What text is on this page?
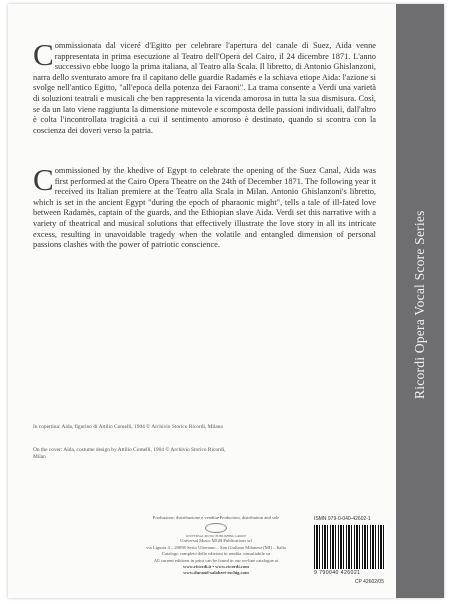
Commissionata dal viceré d'Egitto per celebrare l'apertura del canale di Suez, Aida venne rappresentata in prima esecuzione al Teatro dell'Opera del Cairo, il 24 dicembre 1871. L'anno successivo ebbe luogo la prima italiana, al Teatro alla Scala. Il libretto, di Antonio Ghislanzoni, narra dello sventurato amore fra il capitano delle guardie Radamès e la schiava etiope Aida: l'azione si svolge nell'antico Egitto, "all'epoca della potenza dei Faraoni". La trama consente a Verdi una varietà di soluzioni teatrali e musicali che ben rappresenta la vicenda amorosa in tutta la sua dismisura. Così, se da un lato viene raggiunta la dimensione mutevole e scomposta delle passioni individuali, dall'altro è colta l'incontrollata tragicità a cui il sentimento amoroso è destinato, quando si scontra con la coscienza dei doveri verso la patria.
Commissioned by the khedive of Egypt to celebrate the opening of the Suez Canal, Aida was first performed at the Cairo Opera Theatre on the 24th of December 1871. The following year it received its Italian premiere at the Teatro alla Scala in Milan. Antonio Ghislanzoni's libretto, which is set in the ancient Egypt "during the epoch of pharaonic might", tells a tale of ill-fated love between Radamès, captain of the guards, and the Ethiopian slave Aida. Verdi set this narrative with a variety of theatrical and musical solutions that effectively illustrate the love story in all its intricate excess, resulting in unavoidable tragedy when the volatile and entangled dimension of personal passions clashes with the power of patriotic conscience.
In copertina: Aida, figurino di Attilio Comelli, 1904 © Archivio Storico Ricordi, Milano
On the cover: Aida, costume design by Attilio Comelli, 1904 © Archivio Storico Ricordi, Milan
Produzione, distribuzione e vendita•Production, distribution and sale
UNIVERSAL MUSIC PUBLISHING GROUP
Universal Music MGB Publications srl
via Liguria 4 – 20098 Sesto Ulteriano – San Giuliano Milanese (MI) – Italia
Catalogo completo delle edizioni in rendita consultabile su
All current editions in print can be found in our on-line catalogue at
www.ricordi.it • www.ricordi.com
www.durand-salabert-eschig.com
ISMN 979-0-040-42602-1
9 790040 426021
CP 42602/05
Ricordi Opera Vocal Score Series
